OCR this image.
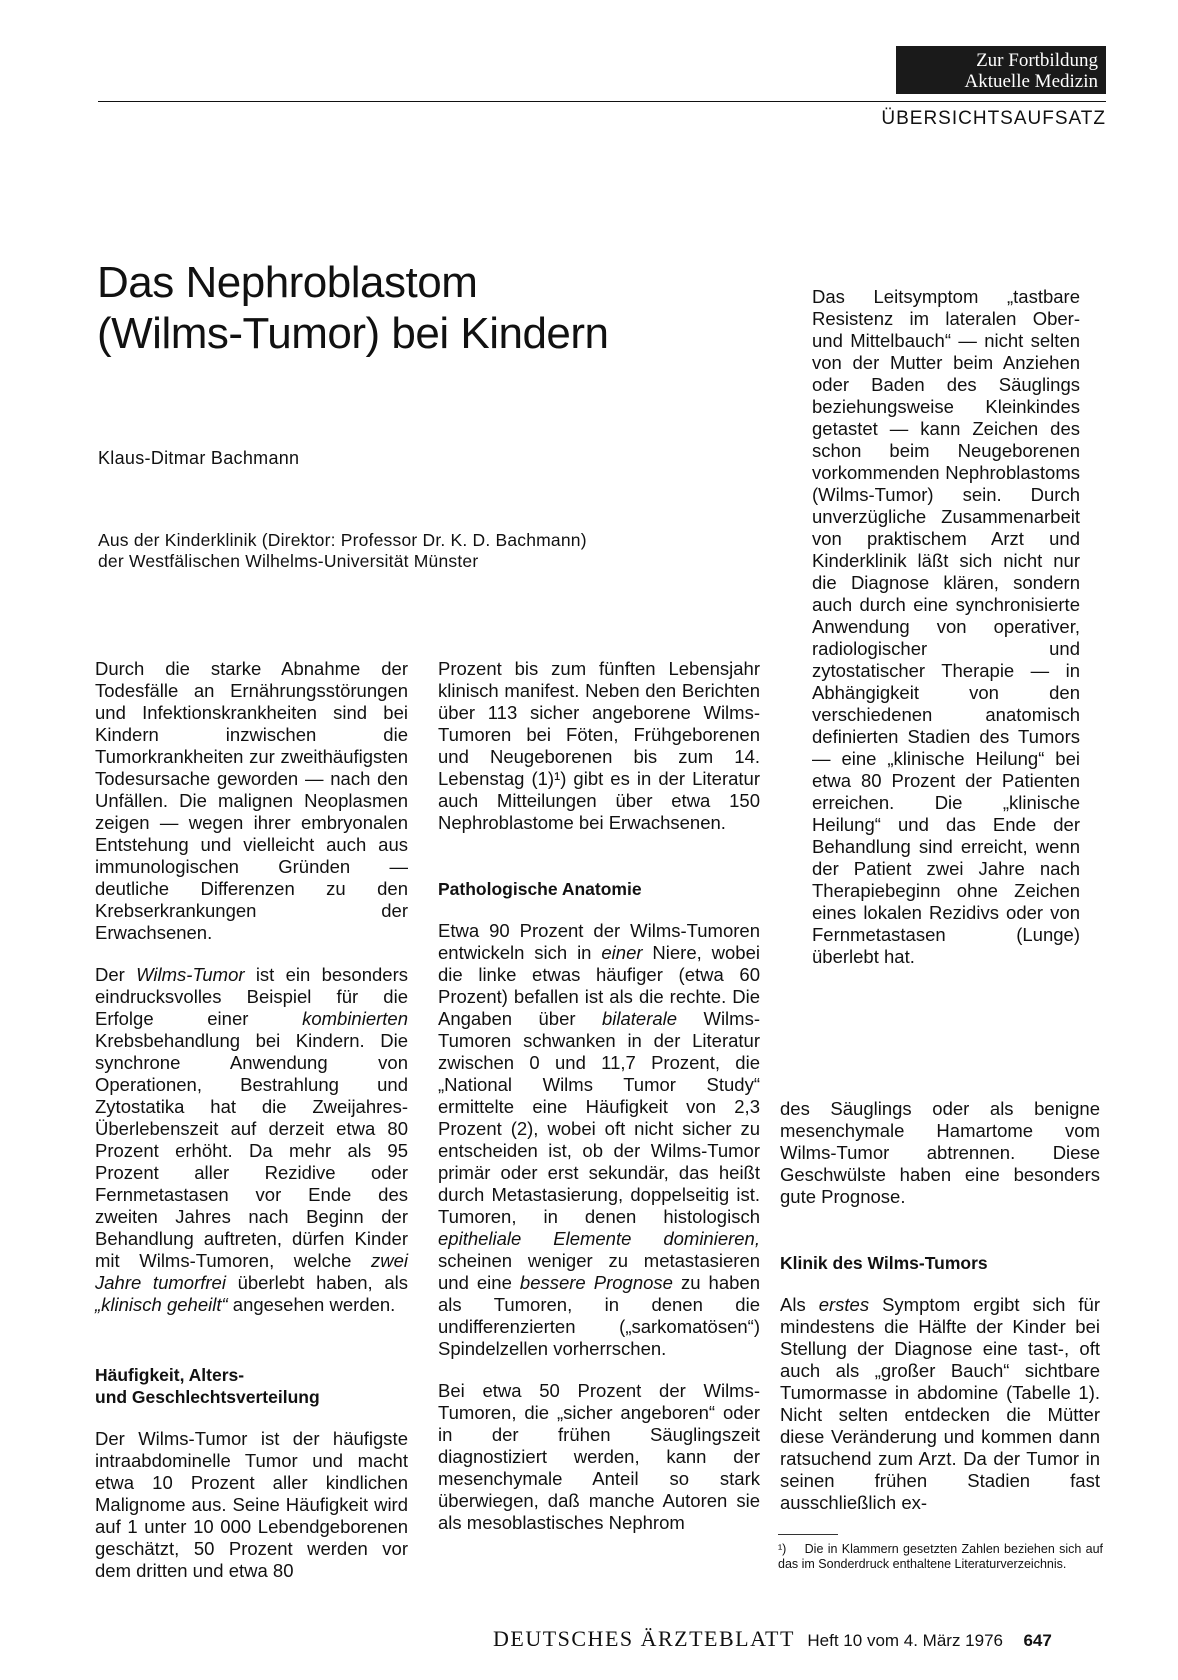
Zur Fortbildung
Aktuelle Medizin
ÜBERSICHTSAUFSATZ
Das Nephroblastom
(Wilms-Tumor) bei Kindern
Klaus-Ditmar Bachmann
Aus der Kinderklinik (Direktor: Professor Dr. K. D. Bachmann)
der Westfälischen Wilhelms-Universität Münster

Durch die starke Abnahme der Todesfälle an Ernährungsstörungen und Infektionskrankheiten sind bei Kindern inzwischen die Tumorkrankheiten zur zweithäufigsten Todesursache geworden — nach den Unfällen. Die malignen Neoplasmen zeigen — wegen ihrer embryonalen Entstehung und vielleicht auch aus immunologischen Gründen — deutliche Differenzen zu den Krebserkrankungen der Erwachsenen.

Der Wilms-Tumor ist ein besonders eindrucksvolles Beispiel für die Erfolge einer kombinierten Krebsbehandlung bei Kindern. Die synchrone Anwendung von Operationen, Bestrahlung und Zytostatika hat die Zweijahres-Überlebenszeit auf derzeit etwa 80 Prozent erhöht. Da mehr als 95 Prozent aller Rezidive oder Fernmetastasen vor Ende des zweiten Jahres nach Beginn der Behandlung auftreten, dürfen Kinder mit Wilms-Tumoren, welche zwei Jahre tumorfrei überlebt haben, als „klinisch geheilt“ angesehen werden.

Häufigkeit, Alters-
und Geschlechtsverteilung

Der Wilms-Tumor ist der häufigste intraabdominelle Tumor und macht etwa 10 Prozent aller kindlichen Malignome aus. Seine Häufigkeit wird auf 1 unter 10 000 Lebendgeborenen geschätzt, 50 Prozent werden vor dem dritten und etwa 80

Prozent bis zum fünften Lebensjahr klinisch manifest. Neben den Berichten über 113 sicher angeborene Wilms-Tumoren bei Föten, Frühgeborenen und Neugeborenen bis zum 14. Lebenstag (1)¹) gibt es in der Literatur auch Mitteilungen über etwa 150 Nephroblastome bei Erwachsenen.

Pathologische Anatomie

Etwa 90 Prozent der Wilms-Tumoren entwickeln sich in einer Niere, wobei die linke etwas häufiger (etwa 60 Prozent) befallen ist als die rechte. Die Angaben über bilaterale Wilms-Tumoren schwanken in der Literatur zwischen 0 und 11,7 Prozent, die „National Wilms Tumor Study“ ermittelte eine Häufigkeit von 2,3 Prozent (2), wobei oft nicht sicher zu entscheiden ist, ob der Wilms-Tumor primär oder erst sekundär, das heißt durch Metastasierung, doppelseitig ist. Tumoren, in denen histologisch epitheliale Elemente dominieren, scheinen weniger zu metastasieren und eine bessere Prognose zu haben als Tumoren, in denen die undifferenzierten („sarkomatösen“) Spindelzellen vorherrschen.

Bei etwa 50 Prozent der Wilms-Tumoren, die „sicher angeboren“ oder in der frühen Säuglingszeit diagnostiziert werden, kann der mesenchymale Anteil so stark überwiegen, daß manche Autoren sie als mesoblastisches Nephrom

Das Leitsymptom „tastbare Resistenz im lateralen Ober- und Mittelbauch“ — nicht selten von der Mutter beim Anziehen oder Baden des Säuglings beziehungsweise Kleinkindes getastet — kann Zeichen des schon beim Neugeborenen vorkommenden Nephroblastoms (Wilms-Tumor) sein. Durch unverzügliche Zusammenarbeit von praktischem Arzt und Kinderklinik läßt sich nicht nur die Diagnose klären, sondern auch durch eine synchronisierte Anwendung von operativer, radiologischer und zytostatischer Therapie — in Abhängigkeit von den verschiedenen anatomisch definierten Stadien des Tumors — eine „klinische Heilung“ bei etwa 80 Prozent der Patienten erreichen. Die „klinische Heilung“ und das Ende der Behandlung sind erreicht, wenn der Patient zwei Jahre nach Therapiebeginn ohne Zeichen eines lokalen Rezidivs oder von Fernmetastasen (Lunge) überlebt hat.

des Säuglings oder als benigne mesenchymale Hamartome vom Wilms-Tumor abtrennen. Diese Geschwülste haben eine besonders gute Prognose.

Klinik des Wilms-Tumors

Als erstes Symptom ergibt sich für mindestens die Hälfte der Kinder bei Stellung der Diagnose eine tast-, oft auch als „großer Bauch“ sichtbare Tumormasse in abdomine (Tabelle 1). Nicht selten entdecken die Mütter diese Veränderung und kommen dann ratsuchend zum Arzt. Da der Tumor in seinen frühen Stadien fast ausschließlich ex-

¹) Die in Klammern gesetzten Zahlen beziehen sich auf das im Sonderdruck enthaltene Literaturverzeichnis.
DEUTSCHES ÄRZTEBLATT Heft 10 vom 4. März 1976 647
